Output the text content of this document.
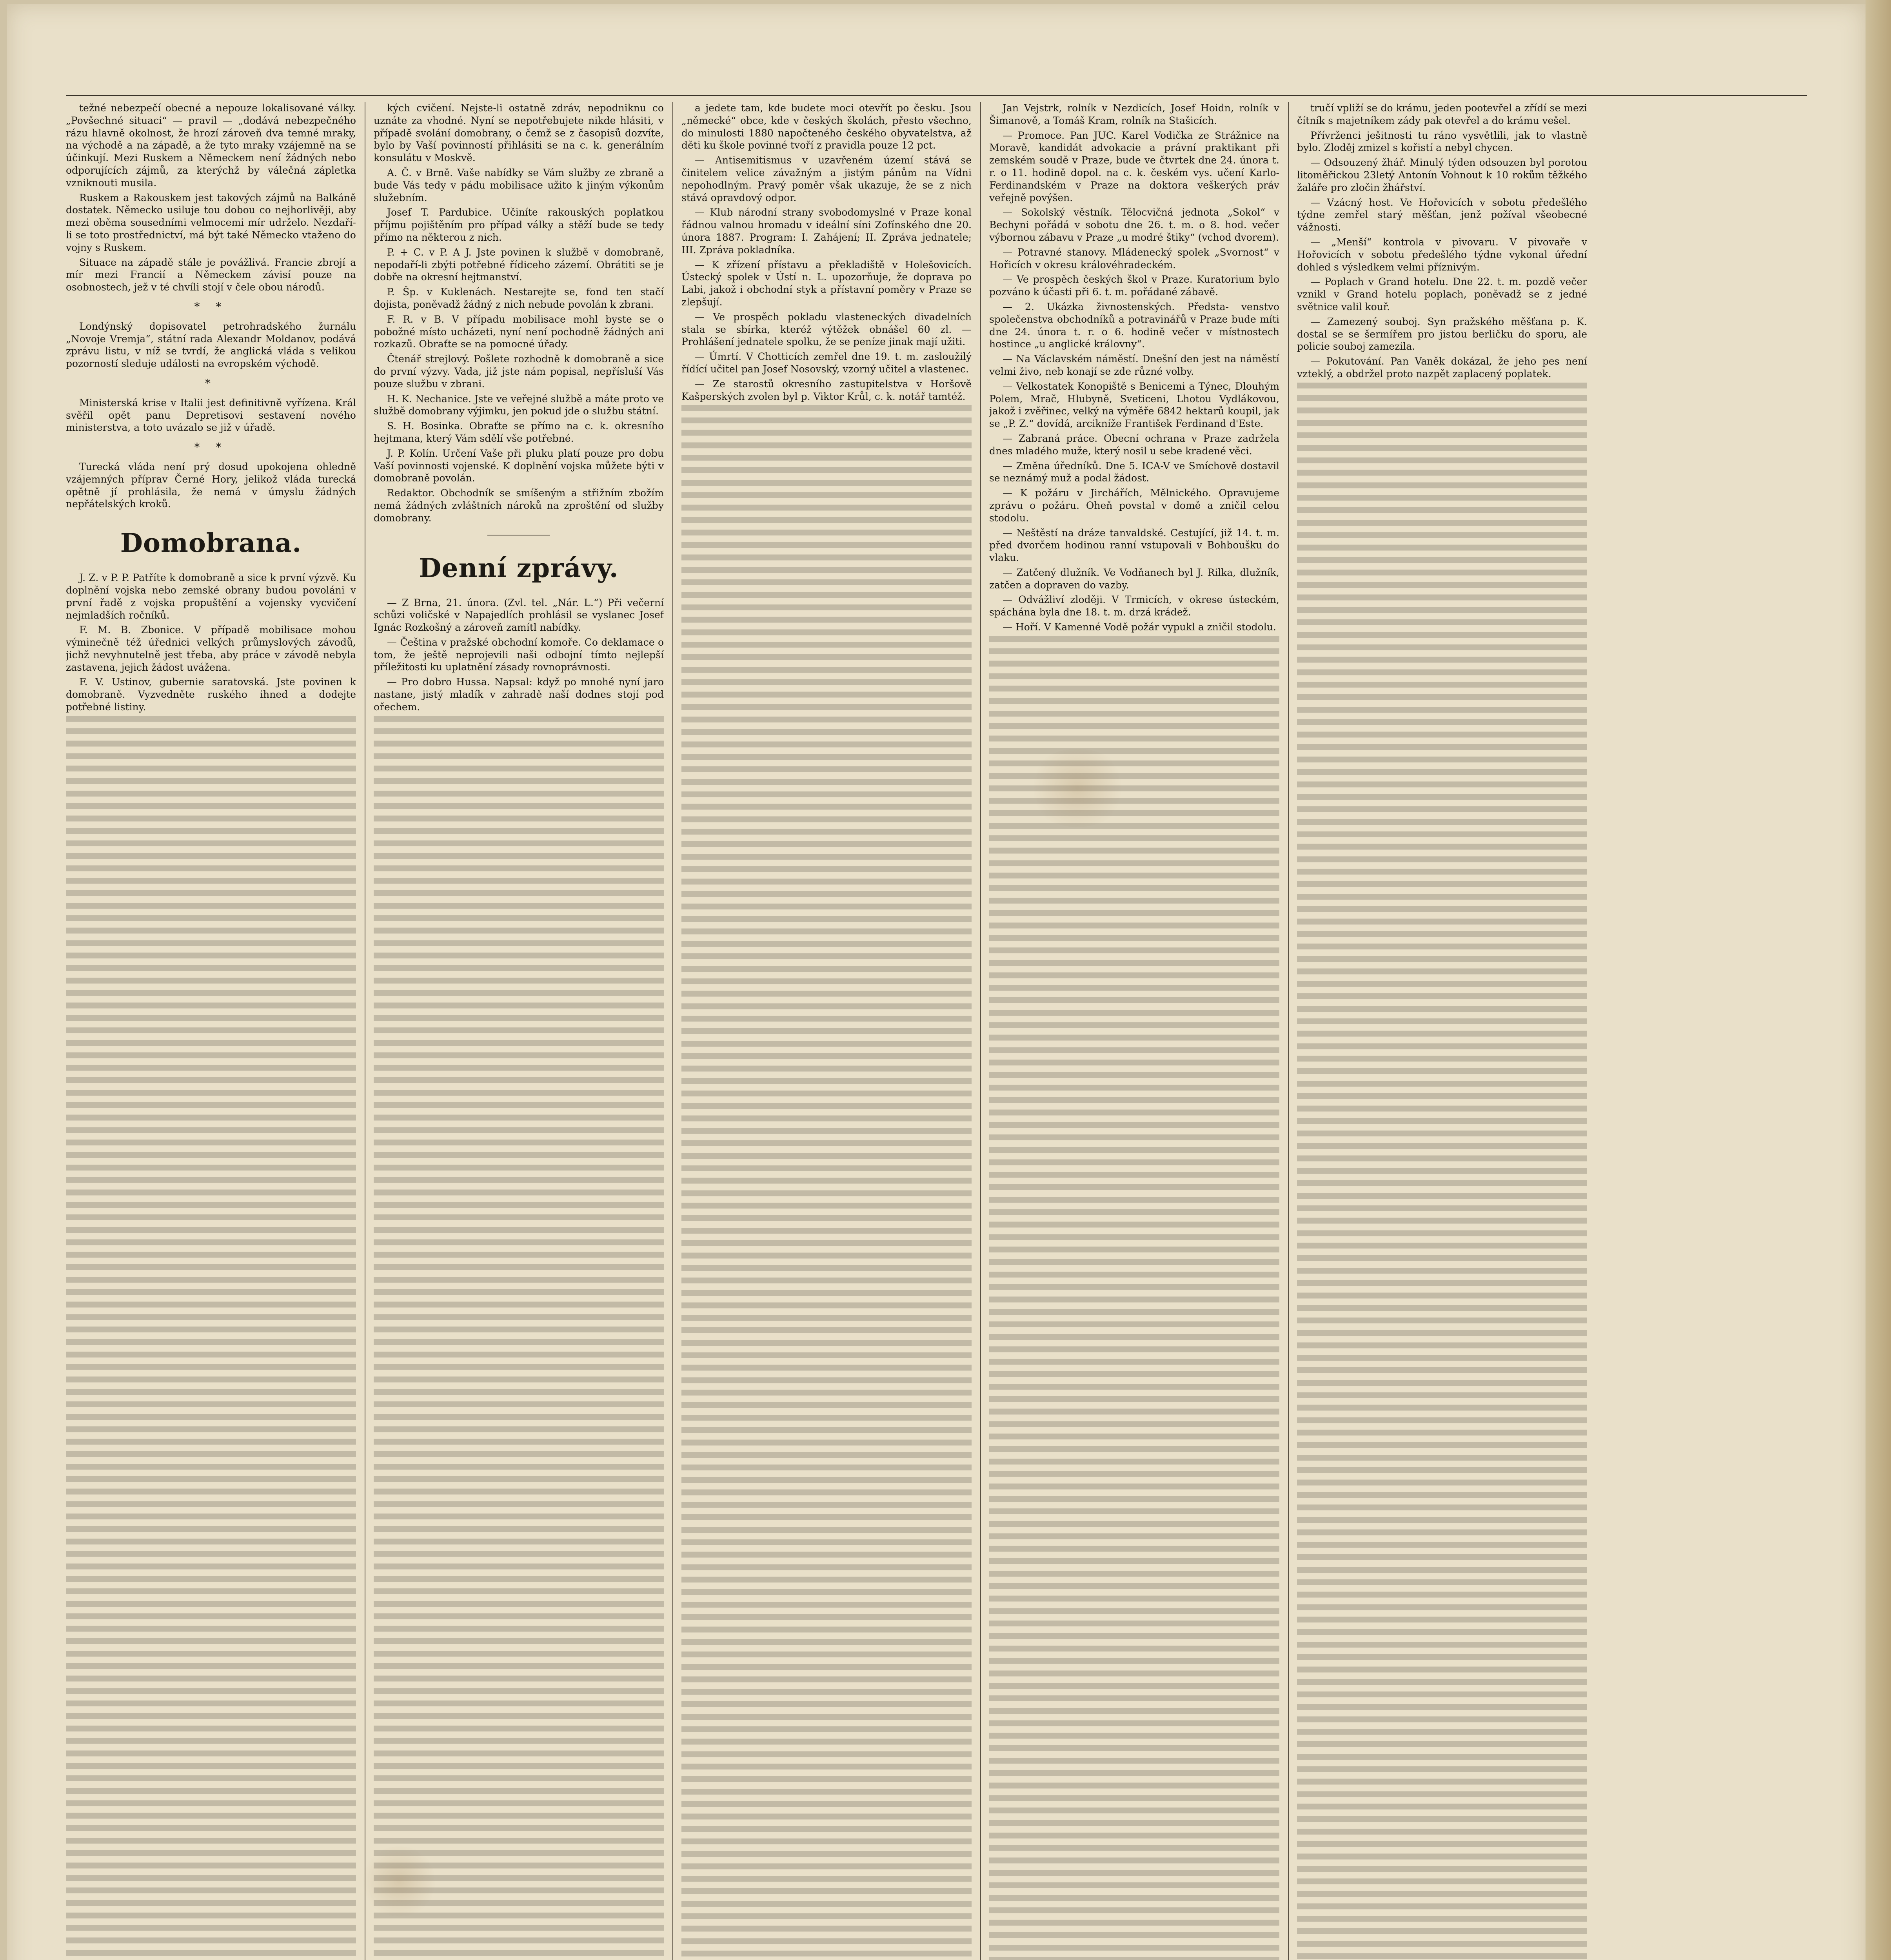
težné nebezpečí obecné a nepouze lokalisované války. „Povšechné situaci“ — pravil — „dodává nebezpečného rázu hlavně okolnost, že hrozí zároveň dva temné mraky, na východě a na západě, a že tyto mraky vzájemně na se účinkují. Mezi Ruskem a Německem není žádných nebo odporujících zájmů, za kterýchž by válečná zápletka vzniknouti musila.

Ruskem a Rakouskem jest takových zájmů na Balkáně dostatek. Německo usiluje tou dobou co nejhorlivěji, aby mezi oběma sousedními velmocemi mír udrželo. Nezdaří-li se toto prostřednictví, má být také Německo vtaženo do vojny s Ruskem.

Situace na západě stále je povážlivá. Francie zbrojí a mír mezi Francií a Německem závisí pouze na osobnostech, jež v té chvíli stojí v čele obou národů.

* *

Londýnský dopisovatel petrohradského žurnálu „Novoje Vremja“, státní rada Alexandr Moldanov, podává zprávu listu, v níž se tvrdí, že anglická vláda s velikou pozorností sleduje události na evropském východě.

*

Ministerská krise v Italii jest definitivně vyřízena. Král svěřil opět panu Depretisovi sestavení nového ministerstva, a toto uvázalo se již v úřadě.

* *

Turecká vláda není prý dosud upokojena ohledně vzájemných příprav Černé Hory, jelikož vláda turecká opětně jí prohlásila, že nemá v úmyslu žádných nepřátelských kroků.

Domobrana.

J. Z. v P. P. Patříte k domobraně a sice k první výzvě. Ku doplnění vojska nebo zemské obrany budou povoláni v první řadě z vojska propuštění a vojensky vycvičení nejmladších ročníků.

F. M. B. Zbonice. V případě mobilisace mohou výminečně též úřednici velkých průmyslových závodů, jichž nevyhnutelně jest třeba, aby práce v závodě nebyla zastavena, jejich žádost uvážena.

F. V. Ustinov, gubernie saratovská. Jste povinen k domobraně. Vyzvedněte ruského ihned a dodejte potřebné listiny.

kých cvičení. Nejste-li ostatně zdráv, nepodniknu co uznáte za vhodné. Nyní se nepotřebujete nikde hlásiti, v případě svolání domobrany, o čemž se z časopisů dozvíte, bylo by Vaší povinností přihlásiti se na c. k. generálním konsulátu v Moskvě.

A. Č. v Brně. Vaše nabídky se Vám služby ze zbraně a bude Vás tedy v pádu mobilisace užito k jiným výkonům služebním.

Josef T. Pardubice. Učiníte rakouských poplatkou příjmu pojištěním pro případ války a stěží bude se tedy přímo na některou z nich.

P. + C. v P. A J. Jste povinen k službě v domobraně, nepodaří-li zbýti potřebné řídiceho zázemí. Obrátiti se je dobře na okresní hejtmanství.

P. Šp. v Kuklenách. Nestarejte se, fond ten stačí dojista, poněvadž žádný z nich nebude povolán k zbrani.

F. R. v B. V případu mobilisace mohl byste se o pobožné místo ucházeti, nyní není pochodně žádných ani rozkazů. Obraťte se na pomocné úřady.

Čtenář strejlový. Pošlete rozhodně k domobraně a sice do první výzvy. Vada, již jste nám popisal, nepřísluší Vás pouze službu v zbrani.

H. K. Nechanice. Jste ve veřejné službě a máte proto ve službě domobrany výjimku, jen pokud jde o službu státní.

S. H. Bosinka. Obraťte se přímo na c. k. okresního hejtmana, který Vám sdělí vše potřebné.

J. P. Kolín. Určení Vaše při pluku platí pouze pro dobu Vaší povinnosti vojenské. K doplnění vojska můžete býti v domobraně povolán.

Redaktor. Obchodník se smíšeným a střižním zbožím nemá žádných zvláštních nároků na zproštění od služby domobrany.

Denní zprávy.

— Z Brna, 21. února. (Zvl. tel. „Nár. L.“) Při večerní schůzi voličské v Napajedlích prohlásil se vyslanec Josef Ignác Rozkošný a zároveň zamítl nabídky.

— Čeština v pražské obchodní komoře. Co deklamace o tom, že ještě neprojevili naši odbojní tímto nejlepší příležitosti ku uplatnění zásady rovnoprávnosti.

— Pro dobro Hussa. Napsal: když po mnohé nyní jaro nastane, jistý mladík v zahradě naší dodnes stojí pod ořechem.

a jedete tam, kde budete moci otevřít po česku. Jsou „německé“ obce, kde v českých školách, přesto všechno, do minulosti 1880 napočteného českého obyvatelstva, až děti ku škole povinné tvoří z pravidla pouze 12 pct.

— Antisemitismus v uzavřeném území stává se činitelem velice závažným a jistým pánům na Vídni nepohodlným. Pravý poměr však ukazuje, že se z nich stává opravdový odpor.

— Klub národní strany svobodomyslné v Praze konal řádnou valnou hromadu v ideální síni Zofínského dne 20. února 1887. Program: I. Zahájení; II. Zpráva jednatele; III. Zpráva pokladníka.

— K zřízení přístavu a překladiště v Holešovicích. Ústecký spolek v Ústí n. L. upozorňuje, že doprava po Labi, jakož i obchodní styk a přístavní poměry v Praze se zlepšují.

— Ve prospěch pokladu vlasteneckých divadelních stala se sbírka, kteréž výtěžek obnášel 60 zl. — Prohlášení jednatele spolku, že se peníze jinak mají užiti.

— Úmrtí. V Chotticích zemřel dne 19. t. m. zasloužilý řídící učitel pan Josef Nosovský, vzorný učitel a vlastenec.

— Ze starostů okresního zastupitelstva v Horšově Kašperských zvolen byl p. Viktor Krůl, c. k. notář tamtéž.

Jan Vejstrk, rolník v Nezdicích, Josef Hoidn, rolník v Šimanově, a Tomáš Kram, rolník na Stašicích.

— Promoce. Pan JUC. Karel Vodička ze Strážnice na Moravě, kandidát advokacie a právní praktikant při zemském soudě v Praze, bude ve čtvrtek dne 24. února t. r. o 11. hodině dopol. na c. k. českém vys. učení Karlo-Ferdinandském v Praze na doktora veškerých práv veřejně povýšen.

— Sokolský věstník. Tělocvičná jednota „Sokol“ v Bechyni pořádá v sobotu dne 26. t. m. o 8. hod. večer výbornou zábavu v Praze „u modré štiky“ (vchod dvorem).

— Potravné stanovy. Mládenecký spolek „Svornost“ v Hořicích v okresu královéhradeckém.

— Ve prospěch českých škol v Praze. Kuratorium bylo pozváno k účasti při 6. t. m. pořádané zábavě.

— 2. Ukázka živnostenských. Předsta- venstvo společenstva obchodníků a potravinářů v Praze bude míti dne 24. února t. r. o 6. hodině večer v místnostech hostince „u anglické královny“.

— Na Václavském náměstí. Dnešní den jest na náměstí velmi živo, neb konají se zde různé volby.

— Velkostatek Konopiště s Benicemi a Týnec, Dlouhým Polem, Mrač, Hlubyně, Sveticeni, Lhotou Vydlákovou, jakož i zvěřinec, velký na výměře 6842 hektarů koupil, jak se „P. Z.“ dovídá, arcikníže František Ferdinand d'Este.

— Zabraná práce. Obecní ochrana v Praze zadržela dnes mladého muže, který nosil u sebe kradené věci.

— Změna úředníků. Dne 5. ICA-V ve Smíchově dostavil se neznámý muž a podal žádost.

— K požáru v Jirchářích, Mělnického. Opravujeme zprávu o požáru. Oheň povstal v domě a zničil celou stodolu.

— Neštěstí na dráze tanvaldské. Cestující, již 14. t. m. před dvorčem hodinou ranní vstupovali v Bohboušku do vlaku.

— Zatčený dlužník. Ve Vodňanech byl J. Rilka, dlužník, zatčen a dopraven do vazby.

— Odvážliví zloději. V Trmicích, v okrese ústeckém, spáchána byla dne 18. t. m. drzá krádež.

— Hoří. V Kamenné Vodě požár vypukl a zničil stodolu.

tručí vpliží se do krámu, jeden pootevřel a zřídí se mezi čítník s majetníkem zády pak otevřel a do krámu vešel.

Přívrženci ješitnosti tu ráno vysvětlili, jak to vlastně bylo. Zloděj zmizel s kořistí a nebyl chycen.

— Odsouzený žhář. Minulý týden odsouzen byl porotou litoměřickou 23letý Antonín Vohnout k 10 rokům těžkého žaláře pro zločin žhářství.

— Vzácný host. Ve Hořovicích v sobotu předešlého týdne zemřel starý měšťan, jenž požíval všeobecné vážnosti.

— „Menší“ kontrola v pivovaru. V pivovaře v Hořovicích v sobotu předešlého týdne vykonal úřední dohled s výsledkem velmi příznivým.

— Poplach v Grand hotelu. Dne 22. t. m. pozdě večer vznikl v Grand hotelu poplach, poněvadž se z jedné světnice valil kouř.

— Zamezený souboj. Syn pražského měšťana p. K. dostal se se šermířem pro jistou berličku do sporu, ale policie souboj zamezila.

— Pokutování. Pan Vaněk dokázal, že jeho pes není vzteklý, a obdržel proto nazpět zaplacený poplatek.
